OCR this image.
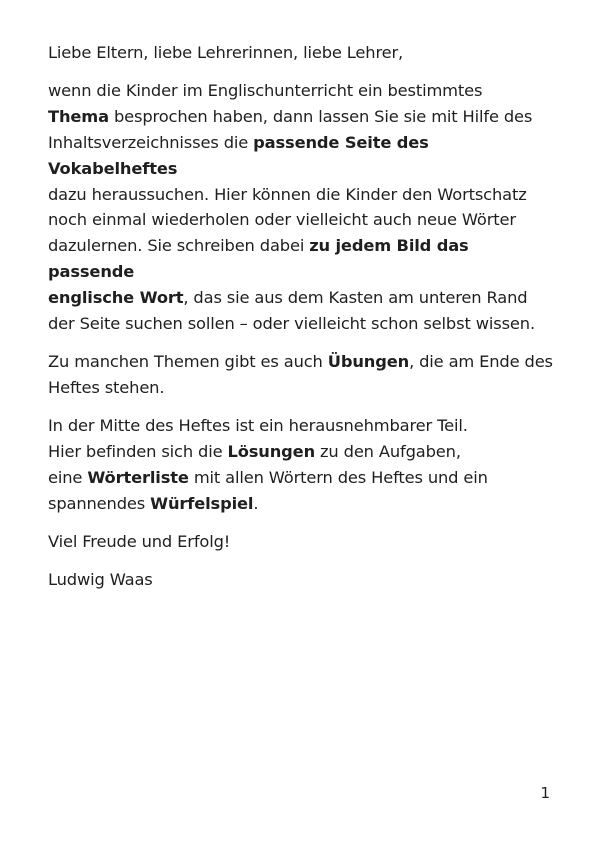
Liebe Eltern, liebe Lehrerinnen, liebe Lehrer,

wenn die Kinder im Englischunterricht ein bestimmtes
Thema besprochen haben, dann lassen Sie sie mit Hilfe des
Inhaltsverzeichnisses die passende Seite des Vokabelheftes
dazu heraussuchen. Hier können die Kinder den Wortschatz
noch einmal wiederholen oder vielleicht auch neue Wörter
dazulernen. Sie schreiben dabei zu jedem Bild das passende
englische Wort, das sie aus dem Kasten am unteren Rand
der Seite suchen sollen – oder vielleicht schon selbst wissen.

Zu manchen Themen gibt es auch Übungen, die am Ende des
Heftes stehen.

In der Mitte des Heftes ist ein herausnehmbarer Teil.
Hier befinden sich die Lösungen zu den Aufgaben,
eine Wörterliste mit allen Wörtern des Heftes und ein
spannendes Würfelspiel.

Viel Freude und Erfolg!

Ludwig Waas

1
